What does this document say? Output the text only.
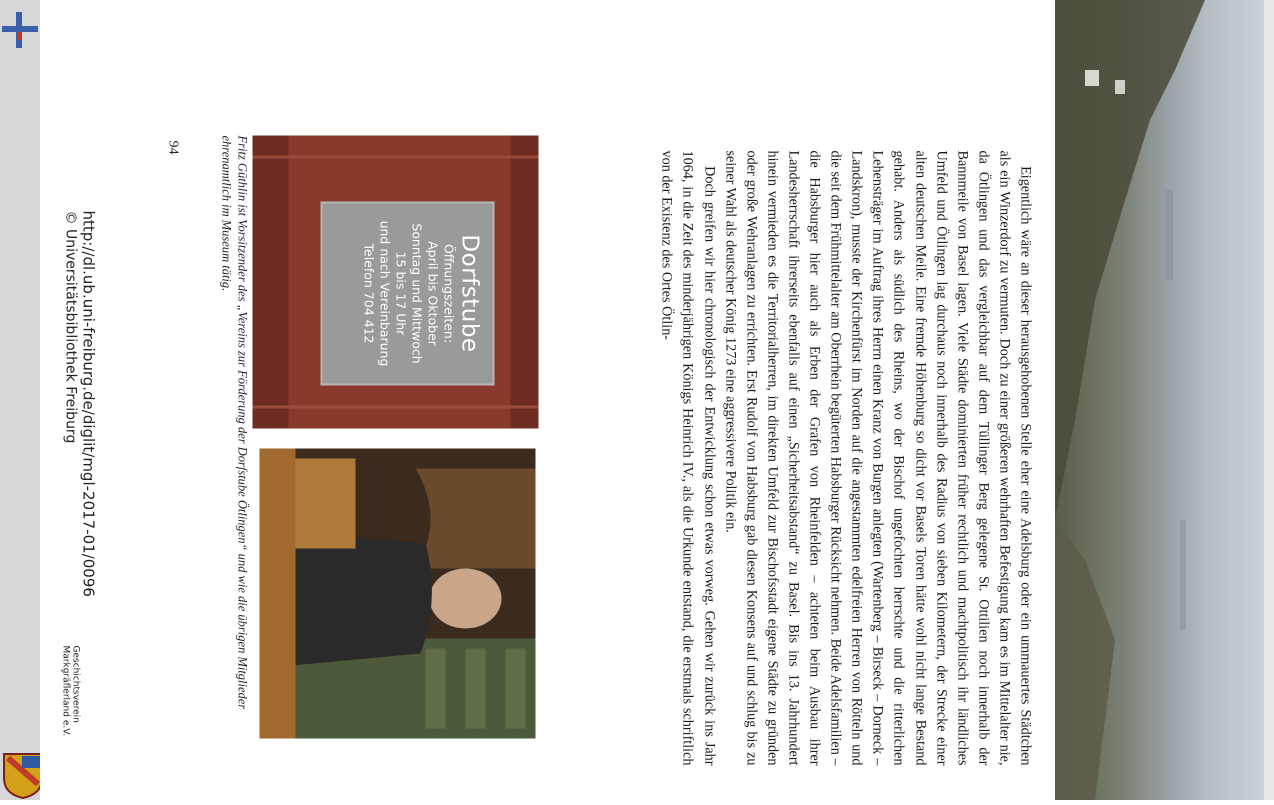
Eigentlich wäre an dieser herausgehobenen Stelle eher eine Adelsburg oder ein ummauertes Städtchen als ein Winzerdorf zu vermuten. Doch zu einer größeren wehrhaften Befestigung kam es im Mittelalter nie, da Ötlingen und das vergleichbar auf dem Tüllinger Berg gelegene St. Ottilien noch innerhalb der Bannmeile von Basel lagen. Viele Städte dominierten früher rechtlich und machtpolitisch ihr ländliches Umfeld und Ötlingen lag durchaus noch innerhalb des Radius von sieben Kilometern, der Strecke einer alten deutschen Meile. Eine fremde Höhenburg so dicht vor Basels Toren hätte wohl nicht lange Bestand gehabt. Anders als südlich des Rheins, wo der Bischof ungefochten herrschte und die ritterlichen Lehensträger im Auftrag ihres Herrn einen Kranz von Burgen anlegten (Wartenberg – Birseck – Dorneck – Landskron), musste der Kirchenfürst im Norden auf die angestammten edelfreien Herren von Rötteln und die seit dem Frühmittelalter am Oberrhein begüterten Habsburger Rücksicht nehmen. Beide Adelsfamilien – die Habsburger hier auch als Erben der Grafen von Rheinfelden – achteten beim Ausbau ihrer Landesherrschaft ihrerseits ebenfalls auf einen „Sicherheitsabstand“ zu Basel. Bis ins 13. Jahrhundert hinein vermieden es die Territorialherren, im direkten Umfeld zur Bischofsstadt eigene Städte zu gründen oder große Wehranlagen zu errichten. Erst Rudolf von Habsburg gab diesen Konsens auf und schlug bis zu seiner Wahl als deutscher König 1273 eine aggressivere Politik ein.

Doch greifen wir hier chronologisch der Entwicklung schon etwas vorweg. Gehen wir zurück ins Jahr 1064, in die Zeit des minderjährigen Königs Heinrich IV., als die Urkunde entstand, die erstmals schriftlich von der Existenz des Ortes Ötlin-

Dorfstube
Öffnungszeiten:
April bis Oktober
Sonntag und Mittwoch
15 bis 17 Uhr
und nach Vereinbarung
Telefon 704 412
Fritz Güthlin ist Vorsitzender des „Vereins zur Förderung der Dorfstube Ötlingen“ und wie die übrigen Mitglieder ehrenamtlich im Museum tätig.
94
http://dl.ub.uni-freiburg.de/diglit/mgl-2017-01/0096
© Universitätsbibliothek Freiburg
Geschichtsverein
Markgräflerland e.V.
